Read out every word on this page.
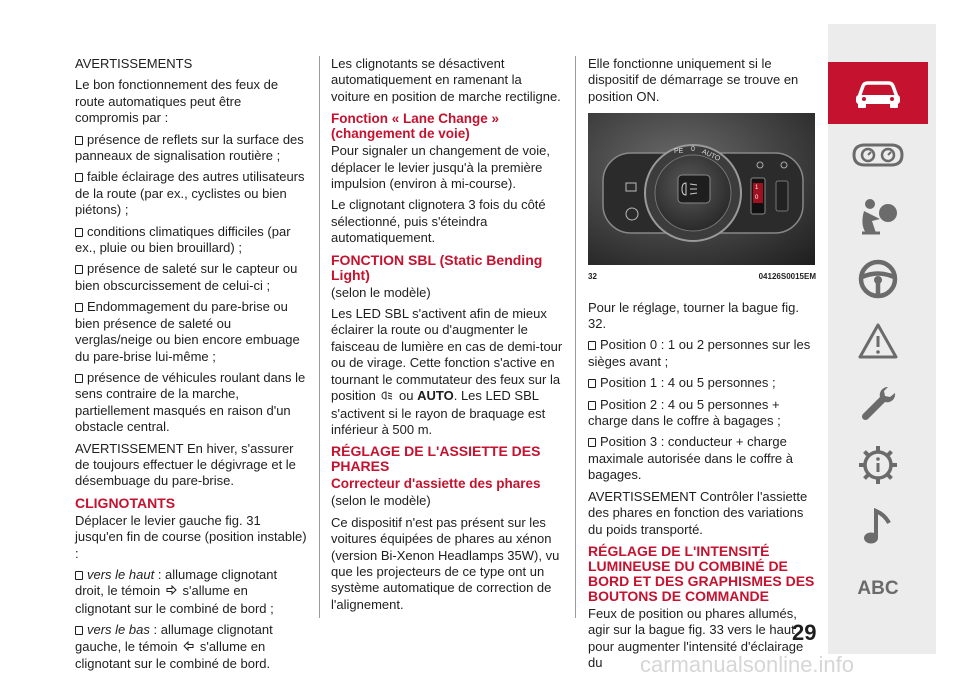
AVERTISSEMENTS

Le bon fonctionnement des feux de route automatiques peut être compromis par :

présence de reflets sur la surface des panneaux de signalisation routière ;

faible éclairage des autres utilisateurs de la route (par ex., cyclistes ou bien piétons) ;

conditions climatiques difficiles (par ex., pluie ou bien brouillard) ;

présence de saleté sur le capteur ou bien obscurcissement de celui-ci ;

Endommagement du pare-brise ou bien présence de saleté ou verglas/neige ou bien encore embuage du pare-brise lui-même ;

présence de véhicules roulant dans le sens contraire de la marche, partiellement masqués en raison d'un obstacle central.

AVERTISSEMENT En hiver, s'assurer de toujours effectuer le dégivrage et le désembuage du pare-brise.

CLIGNOTANTS

Déplacer le levier gauche fig. 31 jusqu'en fin de course (position instable) :

vers le haut : allumage clignotant droit, le témoin  s'allume en clignotant sur le combiné de bord ;

vers le bas : allumage clignotant gauche, le témoin  s'allume en clignotant sur le combiné de bord.

Les clignotants se désactivent automatiquement en ramenant la voiture en position de marche rectiligne.

Fonction « Lane Change » (changement de voie)

Pour signaler un changement de voie, déplacer le levier jusqu'à la première impulsion (environ à mi-course).

Le clignotant clignotera 3 fois du côté sélectionné, puis s'éteindra automatiquement.

FONCTION SBL (Static Bending Light)

(selon le modèle)

Les LED SBL s'activent afin de mieux éclairer la route ou d'augmenter le faisceau de lumière en cas de demi-tour ou de virage. Cette fonction s'active en tournant le commutateur des feux sur la position  ou AUTO. Les LED SBL s'activent si le rayon de braquage est inférieur à 500 m.

RÉGLAGE DE L'ASSIETTE DES PHARES
Correcteur d'assiette des phares

(selon le modèle)

Ce dispositif n'est pas présent sur les voitures équipées de phares au xénon (version Bi-Xenon Headlamps 35W), vu que les projecteurs de ce type ont un système automatique de correction de l'alignement.

Elle fonctionne uniquement si le dispositif de démarrage se trouve en position ON.

PE 0 AUTO
1
0
32	04126S0015EM

Pour le réglage, tourner la bague fig. 32.

Position 0 : 1 ou 2 personnes sur les sièges avant ;

Position 1 : 4 ou 5 personnes ;

Position 2 : 4 ou 5 personnes + charge dans le coffre à bagages ;

Position 3 : conducteur + charge maximale autorisée dans le coffre à bagages.

AVERTISSEMENT Contrôler l'assiette des phares en fonction des variations du poids transporté.

RÉGLAGE DE L'INTENSITÉ LUMINEUSE DU COMBINÉ DE BORD ET DES GRAPHISMES DES BOUTONS DE COMMANDE

Feux de position ou phares allumés, agir sur la bague fig. 33 vers le haut pour augmenter l'intensité d'éclairage du

ABC
29
carmanualsonline.info
